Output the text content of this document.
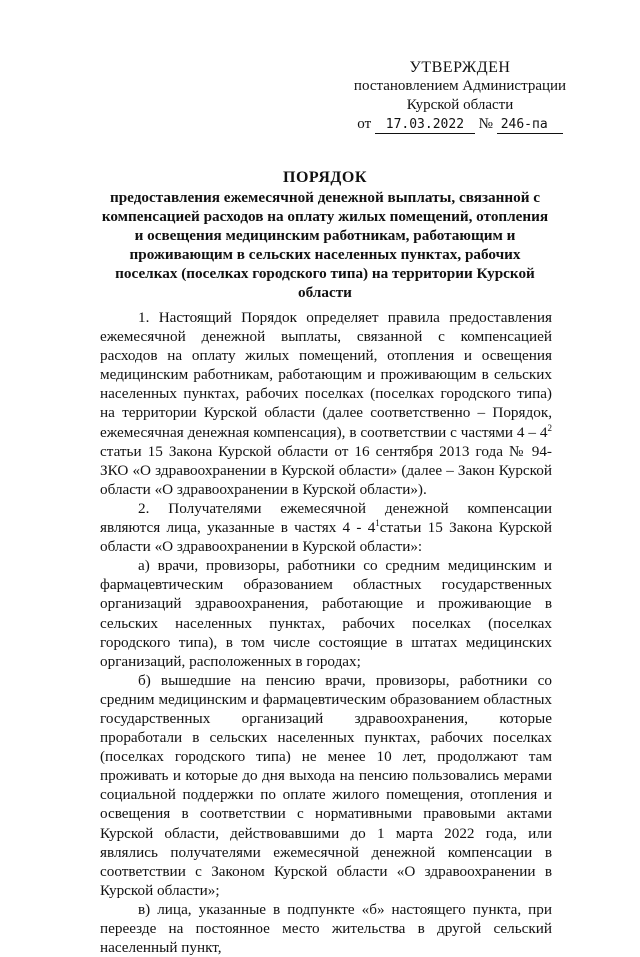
УТВЕРЖДЕН
постановлением Администрации
Курской области
от 17.03.2022 № 246-па
ПОРЯДОК
предоставления ежемесячной денежной выплаты, связанной с компенсацией расходов на оплату жилых помещений, отопления и освещения медицинским работникам, работающим и проживающим в сельских населенных пунктах, рабочих поселках (поселках городского типа) на территории Курской области

1. Настоящий Порядок определяет правила предоставления ежемесячной денежной выплаты, связанной с компенсацией расходов на оплату жилых помещений, отопления и освещения медицинским работникам, работающим и проживающим в сельских населенных пунктах, рабочих поселках (поселках городского типа) на территории Курской области (далее соответственно – Порядок, ежемесячная денежная компенсация), в соответствии с частями $4 - 4^2$ статьи 15 Закона Курской области от 16 сентября 2013 года № 94-ЗКО «О здравоохранении в Курской области» (далее – Закон Курской области «О здравоохранении в Курской области»).

2. Получателями ежемесячной денежной компенсации являются лица, указанные в частях $4 - 4^1статьи$ 15 Закона Курской области «О здравоохранении в Курской области»:

а) врачи, провизоры, работники со средним медицинским и фармацевтическим образованием областных государственных организаций здравоохранения, работающие и проживающие в сельских населенных пунктах, рабочих поселках (поселках городского типа), в том числе состоящие в штатах медицинских организаций, расположенных в городах;

б) вышедшие на пенсию врачи, провизоры, работники со средним медицинским и фармацевтическим образованием областных государственных организаций здравоохранения, которые проработали в сельских населенных пунктах, рабочих поселках (поселках городского типа) не менее 10 лет, продолжают там проживать и которые до дня выхода на пенсию пользовались мерами социальной поддержки по оплате жилого помещения, отопления и освещения в соответствии с нормативными правовыми актами Курской области, действовавшими до 1 марта 2022 года, или являлись получателями ежемесячной денежной компенсации в соответствии с Законом Курской области «О здравоохранении в Курской области»;

в) лица, указанные в подпункте «б» настоящего пункта, при переезде на постоянное место жительства в другой сельский населенный пункт,
